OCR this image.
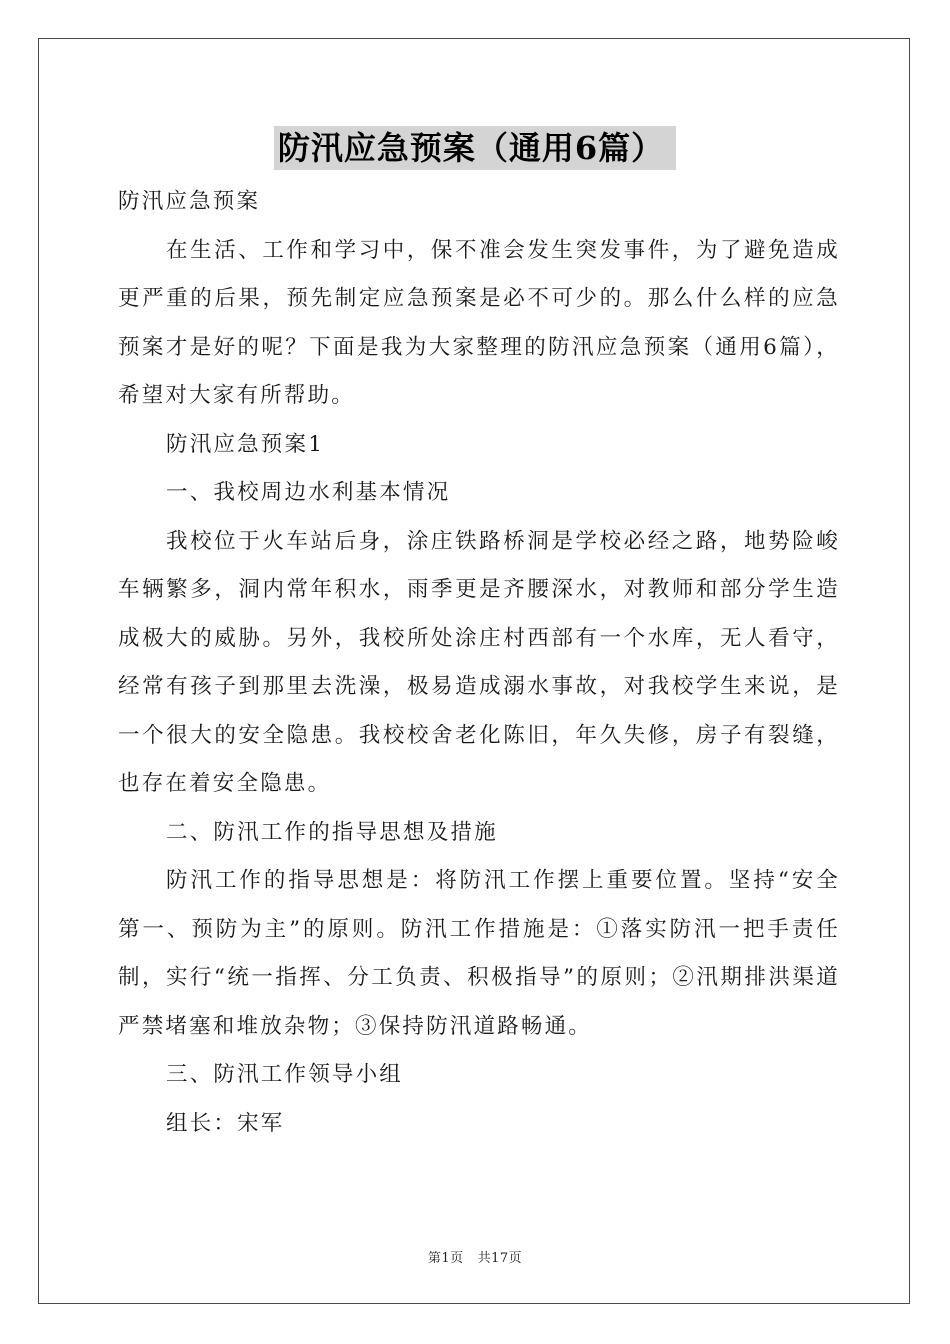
防汛应急预案（通用6篇）

防汛应急预案

在生活、工作和学习中，保不准会发生突发事件，为了避免造成更严重的后果，预先制定应急预案是必不可少的。那么什么样的应急预案才是好的呢？下面是我为大家整理的防汛应急预案（通用6篇），希望对大家有所帮助。

防汛应急预案1

一、我校周边水利基本情况

我校位于火车站后身，涂庄铁路桥洞是学校必经之路，地势险峻车辆繁多，洞内常年积水，雨季更是齐腰深水，对教师和部分学生造成极大的威胁。另外，我校所处涂庄村西部有一个水库，无人看守，经常有孩子到那里去洗澡，极易造成溺水事故，对我校学生来说，是一个很大的安全隐患。我校校舍老化陈旧，年久失修，房子有裂缝，也存在着安全隐患。

二、防汛工作的指导思想及措施

防汛工作的指导思想是：将防汛工作摆上重要位置。坚持“安全第一、预防为主”的原则。防汛工作措施是：①落实防汛一把手责任制，实行“统一指挥、分工负责、积极指导”的原则；②汛期排洪渠道严禁堵塞和堆放杂物；③保持防汛道路畅通。

三、防汛工作领导小组

组长：宋军

第1页 共17页
